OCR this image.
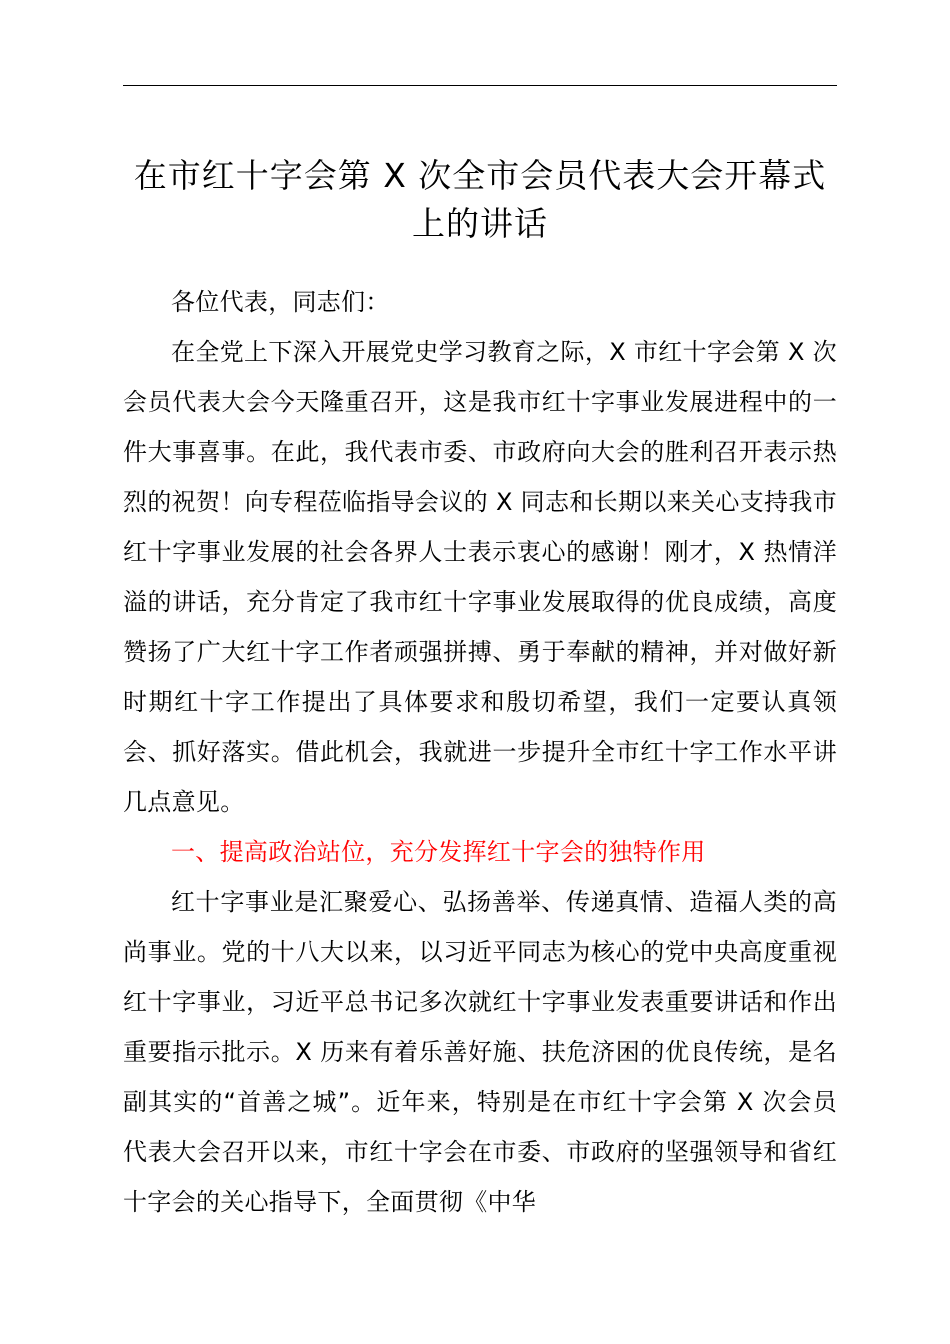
在市红十字会第 X 次全市会员代表大会开幕式
上的讲话

各位代表，同志们：

在全党上下深入开展党史学习教育之际，X 市红十字会第 X 次会员代表大会今天隆重召开，这是我市红十字事业发展进程中的一件大事喜事。在此，我代表市委、市政府向大会的胜利召开表示热烈的祝贺！向专程莅临指导会议的 X 同志和长期以来关心支持我市红十字事业发展的社会各界人士表示衷心的感谢！刚才，X 热情洋溢的讲话，充分肯定了我市红十字事业发展取得的优良成绩，高度赞扬了广大红十字工作者顽强拼搏、勇于奉献的精神，并对做好新时期红十字工作提出了具体要求和殷切希望，我们一定要认真领会、抓好落实。借此机会，我就进一步提升全市红十字工作水平讲几点意见。

一、提高政治站位，充分发挥红十字会的独特作用

红十字事业是汇聚爱心、弘扬善举、传递真情、造福人类的高尚事业。党的十八大以来，以习近平同志为核心的党中央高度重视红十字事业，习近平总书记多次就红十字事业发表重要讲话和作出重要指示批示。X 历来有着乐善好施、扶危济困的优良传统，是名副其实的“首善之城”。近年来，特别是在市红十字会第 X 次会员代表大会召开以来，市红十字会在市委、市政府的坚强领导和省红十字会的关心指导下，全面贯彻《中华
